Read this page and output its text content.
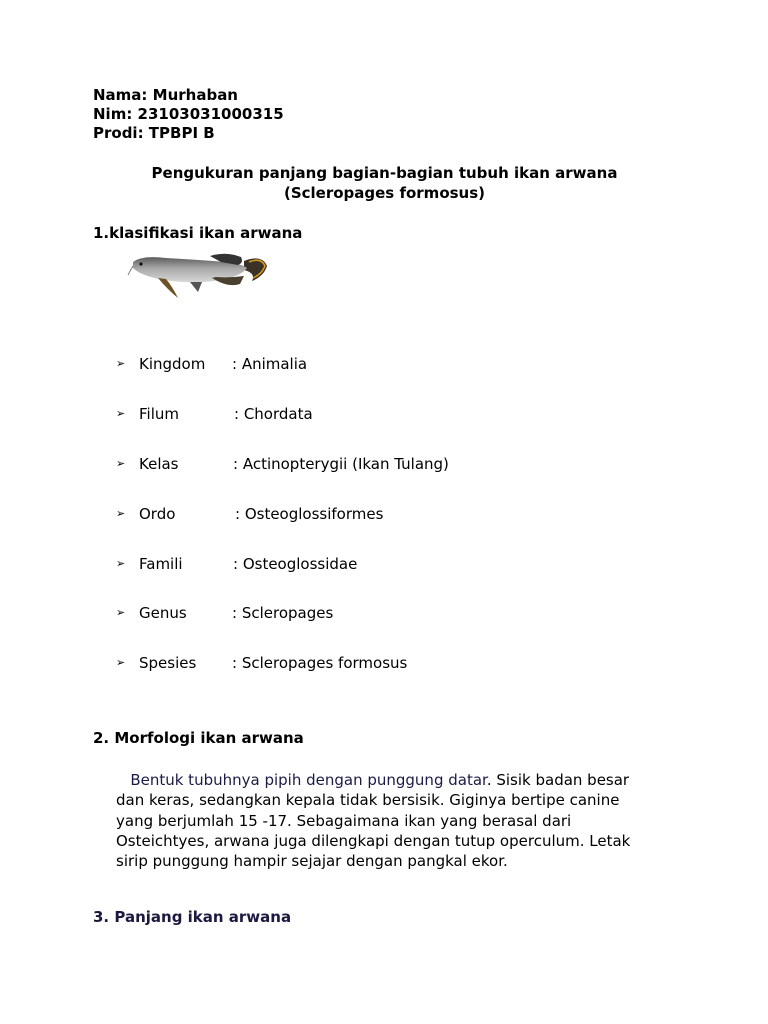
Nama: Murhaban
Nim: 23103031000315
Prodi: TPBPI B
Pengukuran panjang bagian-bagian tubuh ikan arwana
(Scleropages formosus)
1.klasifikasi ikan arwana
➢ Kingdom : Animalia
➢ Filum	: Chordata
➢ Kelas	: Actinopterygii (Ikan Tulang)
➢ Ordo	: Osteoglossiformes
➢ Famili	: Osteoglossidae
➢ Genus	: Scleropages
➢ Spesies : Scleropages formosus
2. Morfologi ikan arwana

Bentuk tubuhnya pipih dengan punggung datar. Sisik badan besar dan keras, sedangkan kepala tidak bersisik. Giginya bertipe canine yang berjumlah 15 -17. Sebagaimana ikan yang berasal dari Osteichtyes, arwana juga dilengkapi dengan tutup operculum. Letak sirip punggung hampir sejajar dengan pangkal ekor.

3. Panjang ikan arwana
